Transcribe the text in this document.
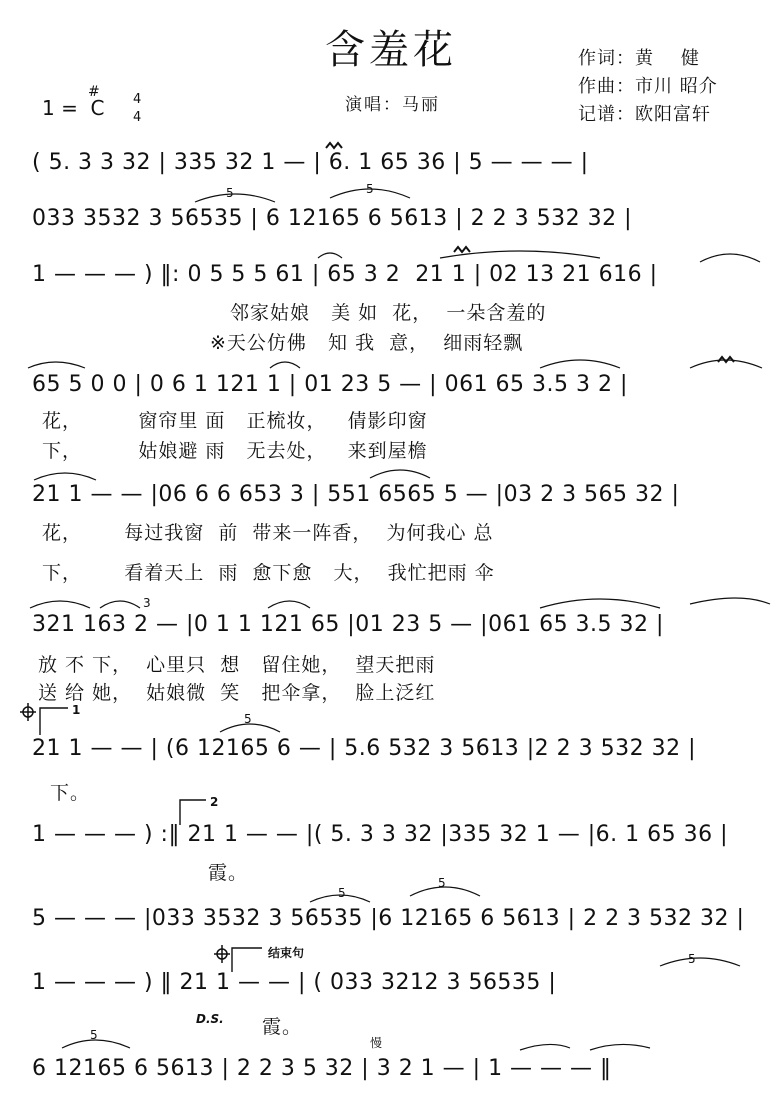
含羞花	作词：黄    健
作曲：市川 昭介
记谱：欧阳富轩
演唱：马丽
1 =  C
#	4
4
( 5. 3 3 32 | 335 32 1 — | 6. 1 65 36 | 5 — — — |
033 3532 3 56535 | 6 12165 6 5613 | 2 2 3 532 32 |
1 — — — ) ‖: 0 5 5 5 61 | 65 3 2  21 1 | 02 13 21 616 |
邻家姑娘   美 如  花，  一朵含羞的
※天公仿佛   知 我  意，  细雨轻飘
65 5 0 0 | 0 6 1 121 1 | 01 23 5 — | 061 65 3.5 3 2 |
花，        窗帘里 面   正梳妆，   倩影印窗
下，        姑娘避 雨   无去处，   来到屋檐
21 1 — — |06 6 6 653 3 | 551 6565 5 — |03 2 3 565 32 |
花，      每过我窗  前  带来一阵香，  为何我心 总
下，      看着天上  雨  愈下愈   大，  我忙把雨 伞
321 163 2 — |0 1 1 121 65 |01 23 5 — |061 65 3.5 32 |
放 不 下，  心里只  想   留住她，  望天把雨
送 给 她，  姑娘微  笑   把伞拿，  脸上泛红
21 1 — — | (6 12165 6 — | 5.6 532 3 5613 |2 2 3 532 32 |
下。
1 — — — ) :‖ 21 1 — — |( 5. 3 3 32 |335 32 1 — |6. 1 65 36 |
霞。
5 — — — |033 3532 3 56535 |6 12165 6 5613 | 2 2 3 532 32 |
1 — — — ) ‖ 21 1 — — | ( 033 3212 3 56535 |
霞。
6 12165 6 5613 | 2 2 3 5 32 | 3 2 1 — | 1 — — — ‖
1
2
结束句
D.S.
慢
5	5
5
5
5
5
5
3
